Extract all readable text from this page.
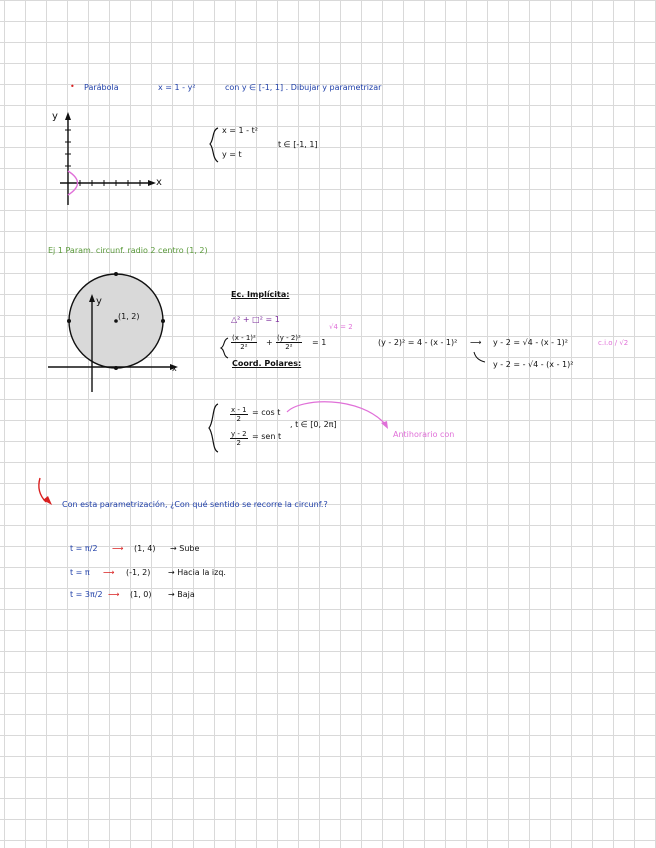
• Parábola	x = 1 - y²	con y ∈ [-1, 1] . Dibujar y parametrizar
y
x
x = 1 - t²
y = t
t ∈ [-1, 1]
Ej 1 Param. circunf. radio 2 centro (1, 2)
y
x
(1, 2)
Ec. Implícita:
△² + □² = 1
$\frac{\text{(x - 1)²}}{\text{2²}} + \frac{\text{(y - 2)²}}{\text{2²}} = 1$
√4 = 2
Coord. Polares:
(y - 2)² = 4 - (x - 1)² ⟶ y - 2 = √4 - (x - 1)²
y - 2 = - √4 - (x - 1)²
c.i.o / √2
$\frac{x - 1}{2} = \cos t$
$\frac{y - 2}{2}$ = sen t
, t ∈ [0, 2π]
Antihorario con
Con esta parametrización, ¿Con qué sentido se recorre la circunf.?
t = π/2 ⟶ (1, 4) → Sube
t = π ⟶ (-1, 2) → Hacia la izq.
t = 3π/2 ⟶ (1, 0) → Baja
